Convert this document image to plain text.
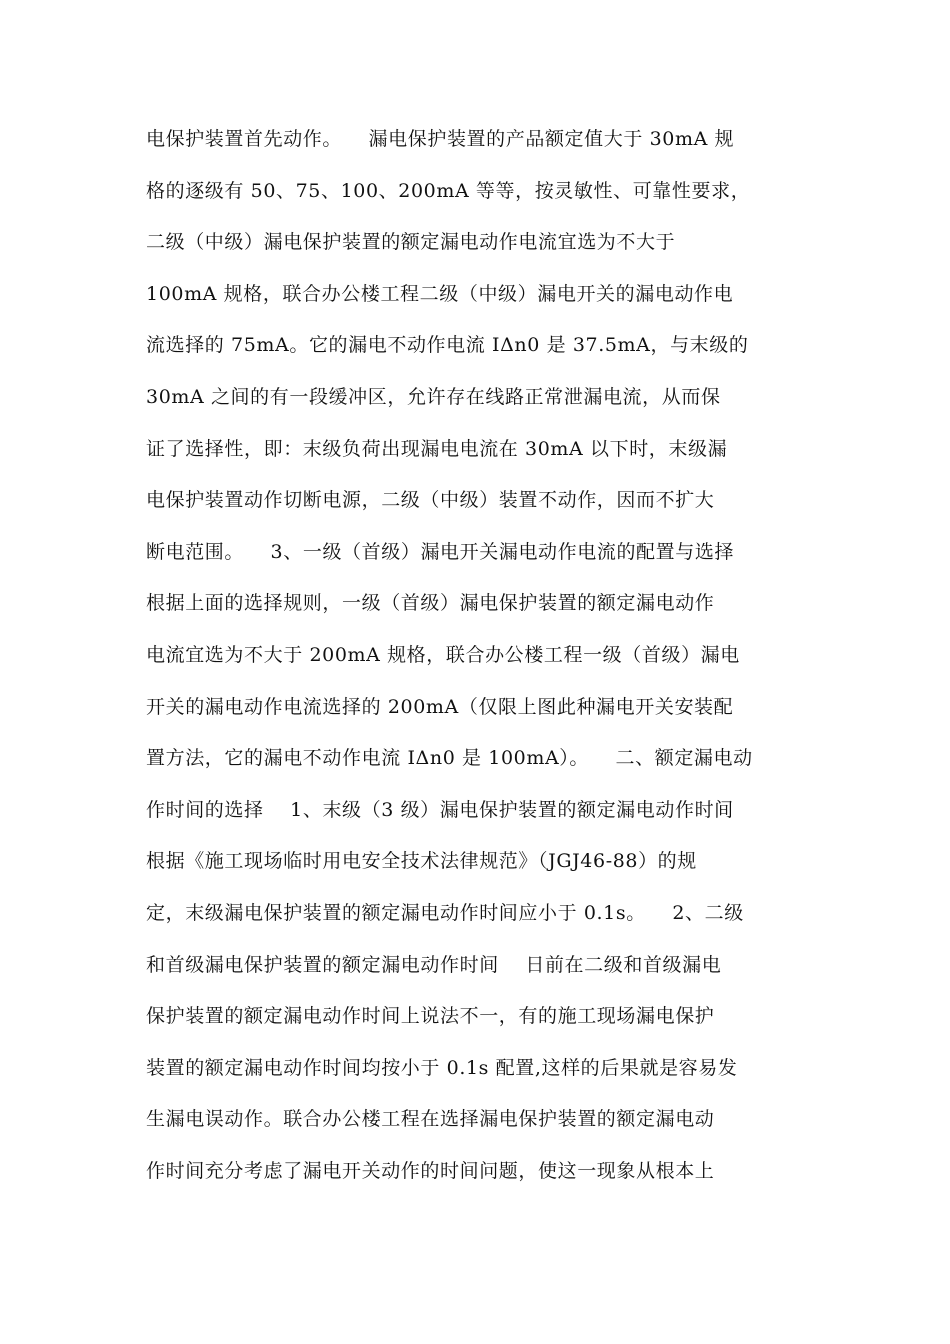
电保护装置首先动作。    漏电保护装置的产品额定值大于 30mA 规
格的逐级有 50、75、100、200mA 等等，按灵敏性、可靠性要求，
二级（中级）漏电保护装置的额定漏电动作电流宜选为不大于
100mA 规格，联合办公楼工程二级（中级）漏电开关的漏电动作电
流选择的 75mA。它的漏电不动作电流 IΔn0 是 37.5mA，与末级的
30mA 之间的有一段缓冲区，允许存在线路正常泄漏电流，从而保
证了选择性，即：末级负荷出现漏电电流在 30mA 以下时，末级漏
电保护装置动作切断电源，二级（中级）装置不动作，因而不扩大
断电范围。    3、一级（首级）漏电开关漏电动作电流的配置与选择
根据上面的选择规则，一级（首级）漏电保护装置的额定漏电动作
电流宜选为不大于 200mA 规格，联合办公楼工程一级（首级）漏电
开关的漏电动作电流选择的 200mA（仅限上图此种漏电开关安装配
置方法，它的漏电不动作电流 IΔn0 是 100mA）。    二、额定漏电动
作时间的选择    1、末级（3 级）漏电保护装置的额定漏电动作时间
根据《施工现场临时用电安全技术法律规范》（JGJ46-88）的规
定，末级漏电保护装置的额定漏电动作时间应小于 0.1s。    2、二级
和首级漏电保护装置的额定漏电动作时间    日前在二级和首级漏电
保护装置的额定漏电动作时间上说法不一，有的施工现场漏电保护
装置的额定漏电动作时间均按小于 0.1s 配置,这样的后果就是容易发
生漏电误动作。联合办公楼工程在选择漏电保护装置的额定漏电动
作时间充分考虑了漏电开关动作的时间问题，使这一现象从根本上
